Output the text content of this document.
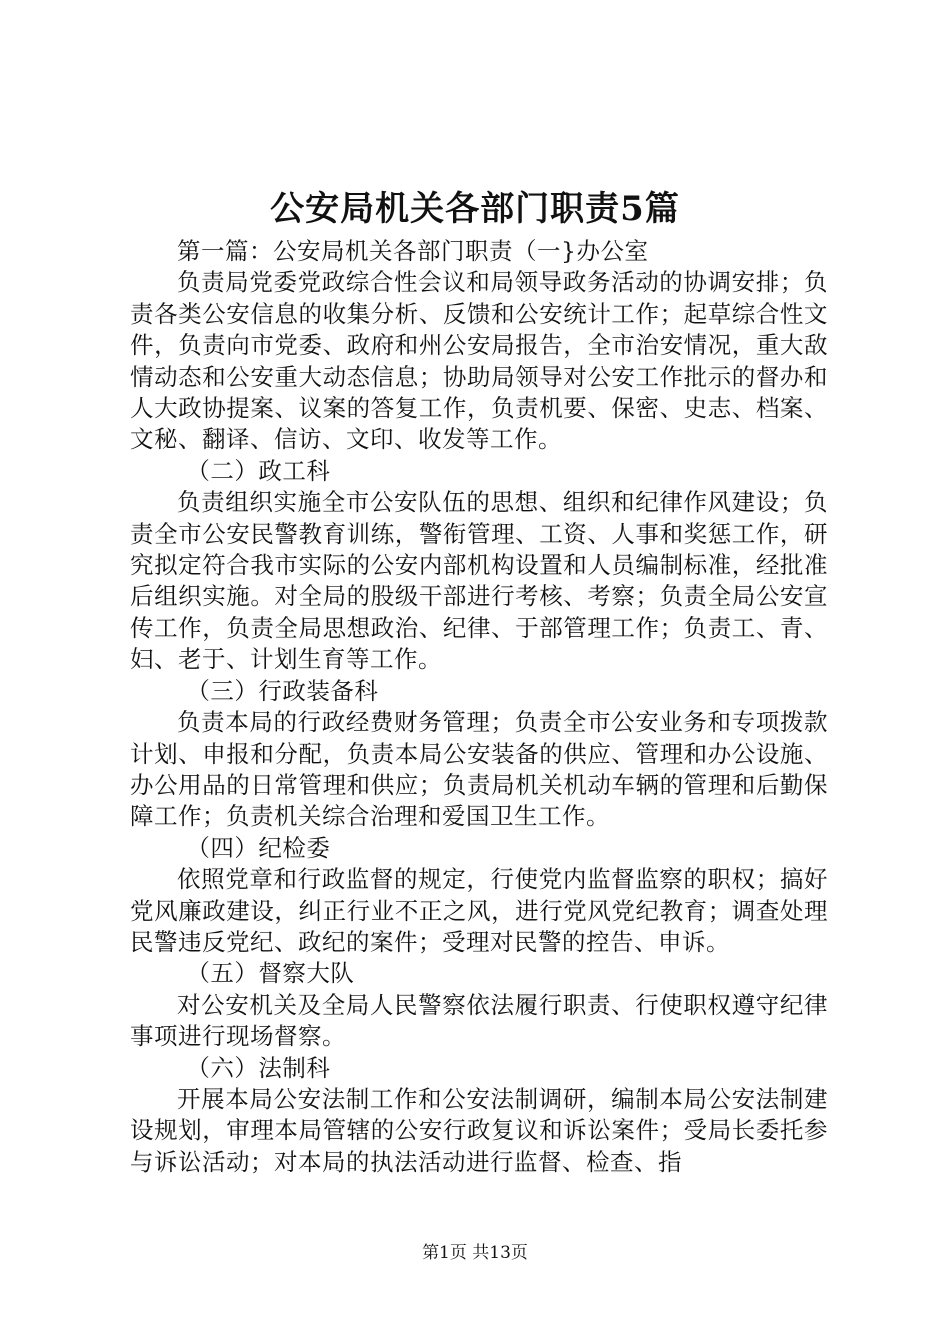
公安局机关各部门职责5篇

第一篇：公安局机关各部门职责（一}办公室

负责局党委党政综合性会议和局领导政务活动的协调安排；负责各类公安信息的收集分析、反馈和公安统计工作；起草综合性文件，负责向市党委、政府和州公安局报告，全市治安情况，重大敌情动态和公安重大动态信息；协助局领导对公安工作批示的督办和人大政协提案、议案的答复工作，负责机要、保密、史志、档案、文秘、翻译、信访、文印、收发等工作。

（二）政工科

负责组织实施全市公安队伍的思想、组织和纪律作风建设；负责全市公安民警教育训练，警衔管理、工资、人事和奖惩工作，研究拟定符合我市实际的公安内部机构设置和人员编制标准，经批准后组织实施。对全局的股级干部进行考核、考察；负责全局公安宣传工作，负责全局思想政治、纪律、于部管理工作；负责工、青、妇、老于、计划生育等工作。

（三）行政装备科

负责本局的行政经费财务管理；负责全市公安业务和专项拨款计划、申报和分配，负责本局公安装备的供应、管理和办公设施、办公用品的日常管理和供应；负责局机关机动车辆的管理和后勤保障工作；负责机关综合治理和爱国卫生工作。

（四）纪检委

依照党章和行政监督的规定，行使党内监督监察的职权；搞好党风廉政建设，纠正行业不正之风，进行党风党纪教育；调查处理民警违反党纪、政纪的案件；受理对民警的控告、申诉。

（五）督察大队

对公安机关及全局人民警察依法履行职责、行使职权遵守纪律事项进行现场督察。

（六）法制科

开展本局公安法制工作和公安法制调研，编制本局公安法制建设规划，审理本局管辖的公安行政复议和诉讼案件；受局长委托参与诉讼活动；对本局的执法活动进行监督、检查、指

第1页 共13页
